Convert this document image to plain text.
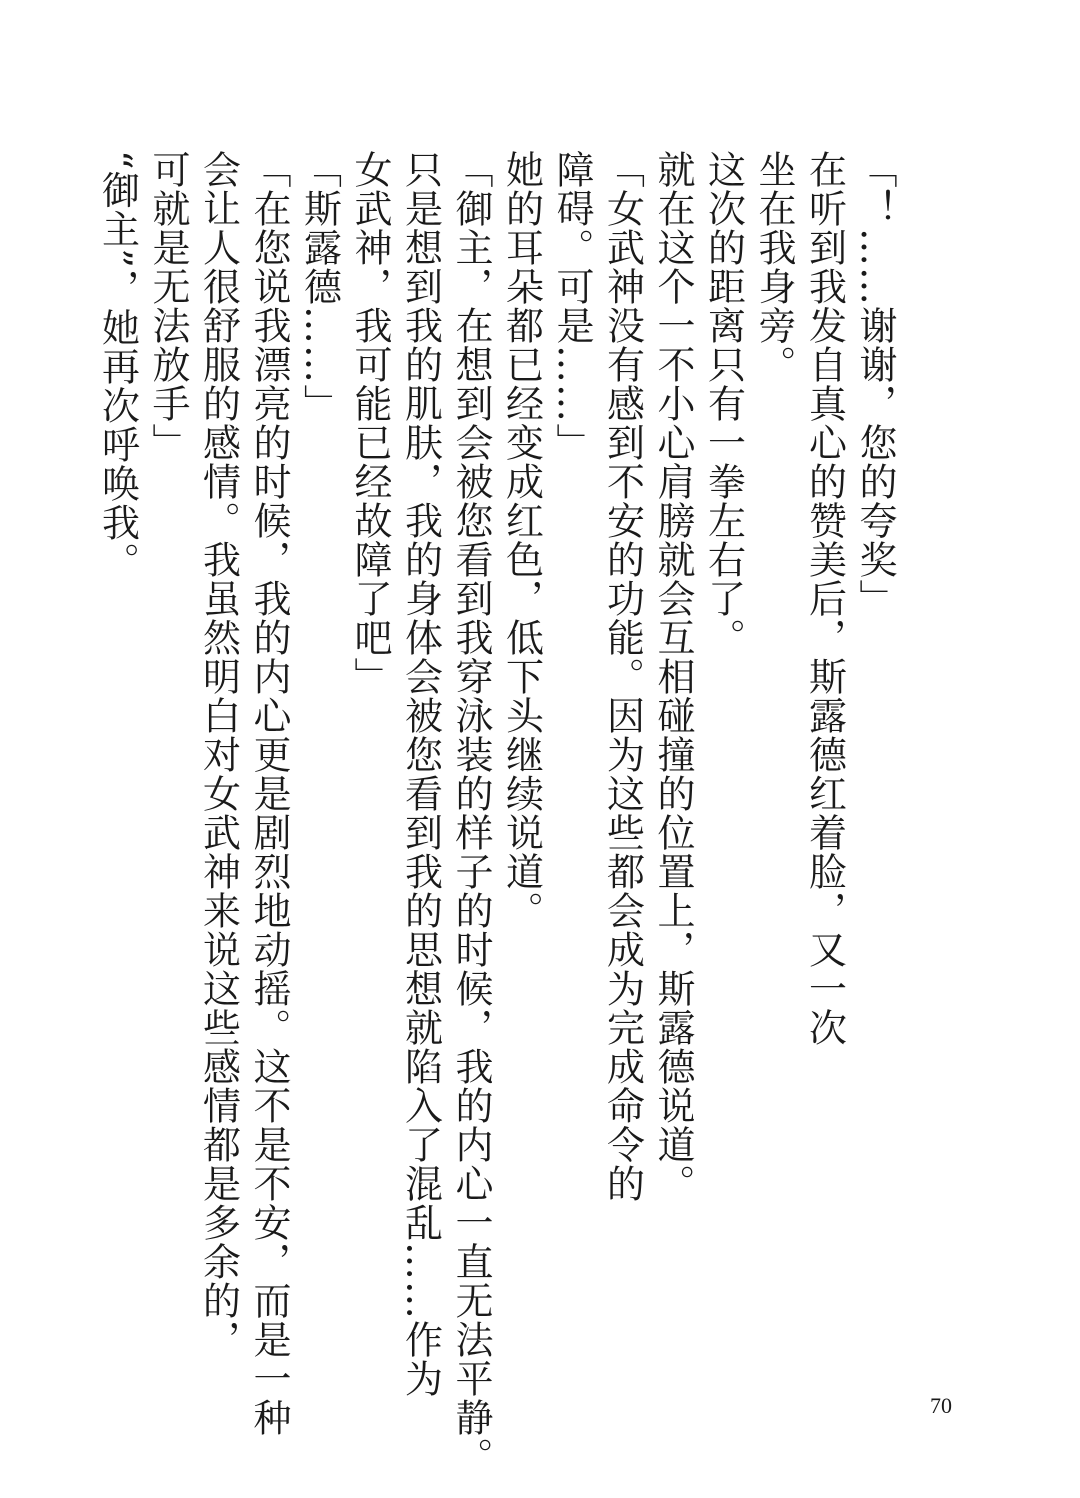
「！……谢谢，您的夸奖」
在听到我发自真心的赞美后，斯露德红着脸，又一次
坐在我身旁。
这次的距离只有一拳左右了。
就在这个一不小心肩膀就会互相碰撞的位置上，斯露德说道。
「女武神没有感到不安的功能。因为这些都会成为完成命令的
障碍。可是……」
她的耳朵都已经变成红色，低下头继续说道。
「御主，在想到会被您看到我穿泳装的样子的时候，我的内心一直无法平静。
只是想到我的肌肤，我的身体会被您看到我的思想就陷入了混乱……作为
女武神，我可能已经故障了吧」
「斯露德……」
「在您说我漂亮的时候，我的内心更是剧烈地动摇。这不是不安，而是一种
会让人很舒服的感情。我虽然明白对女武神来说这些感情都是多余的，
可就是无法放手」
“御主”，她再次呼唤我。
70
